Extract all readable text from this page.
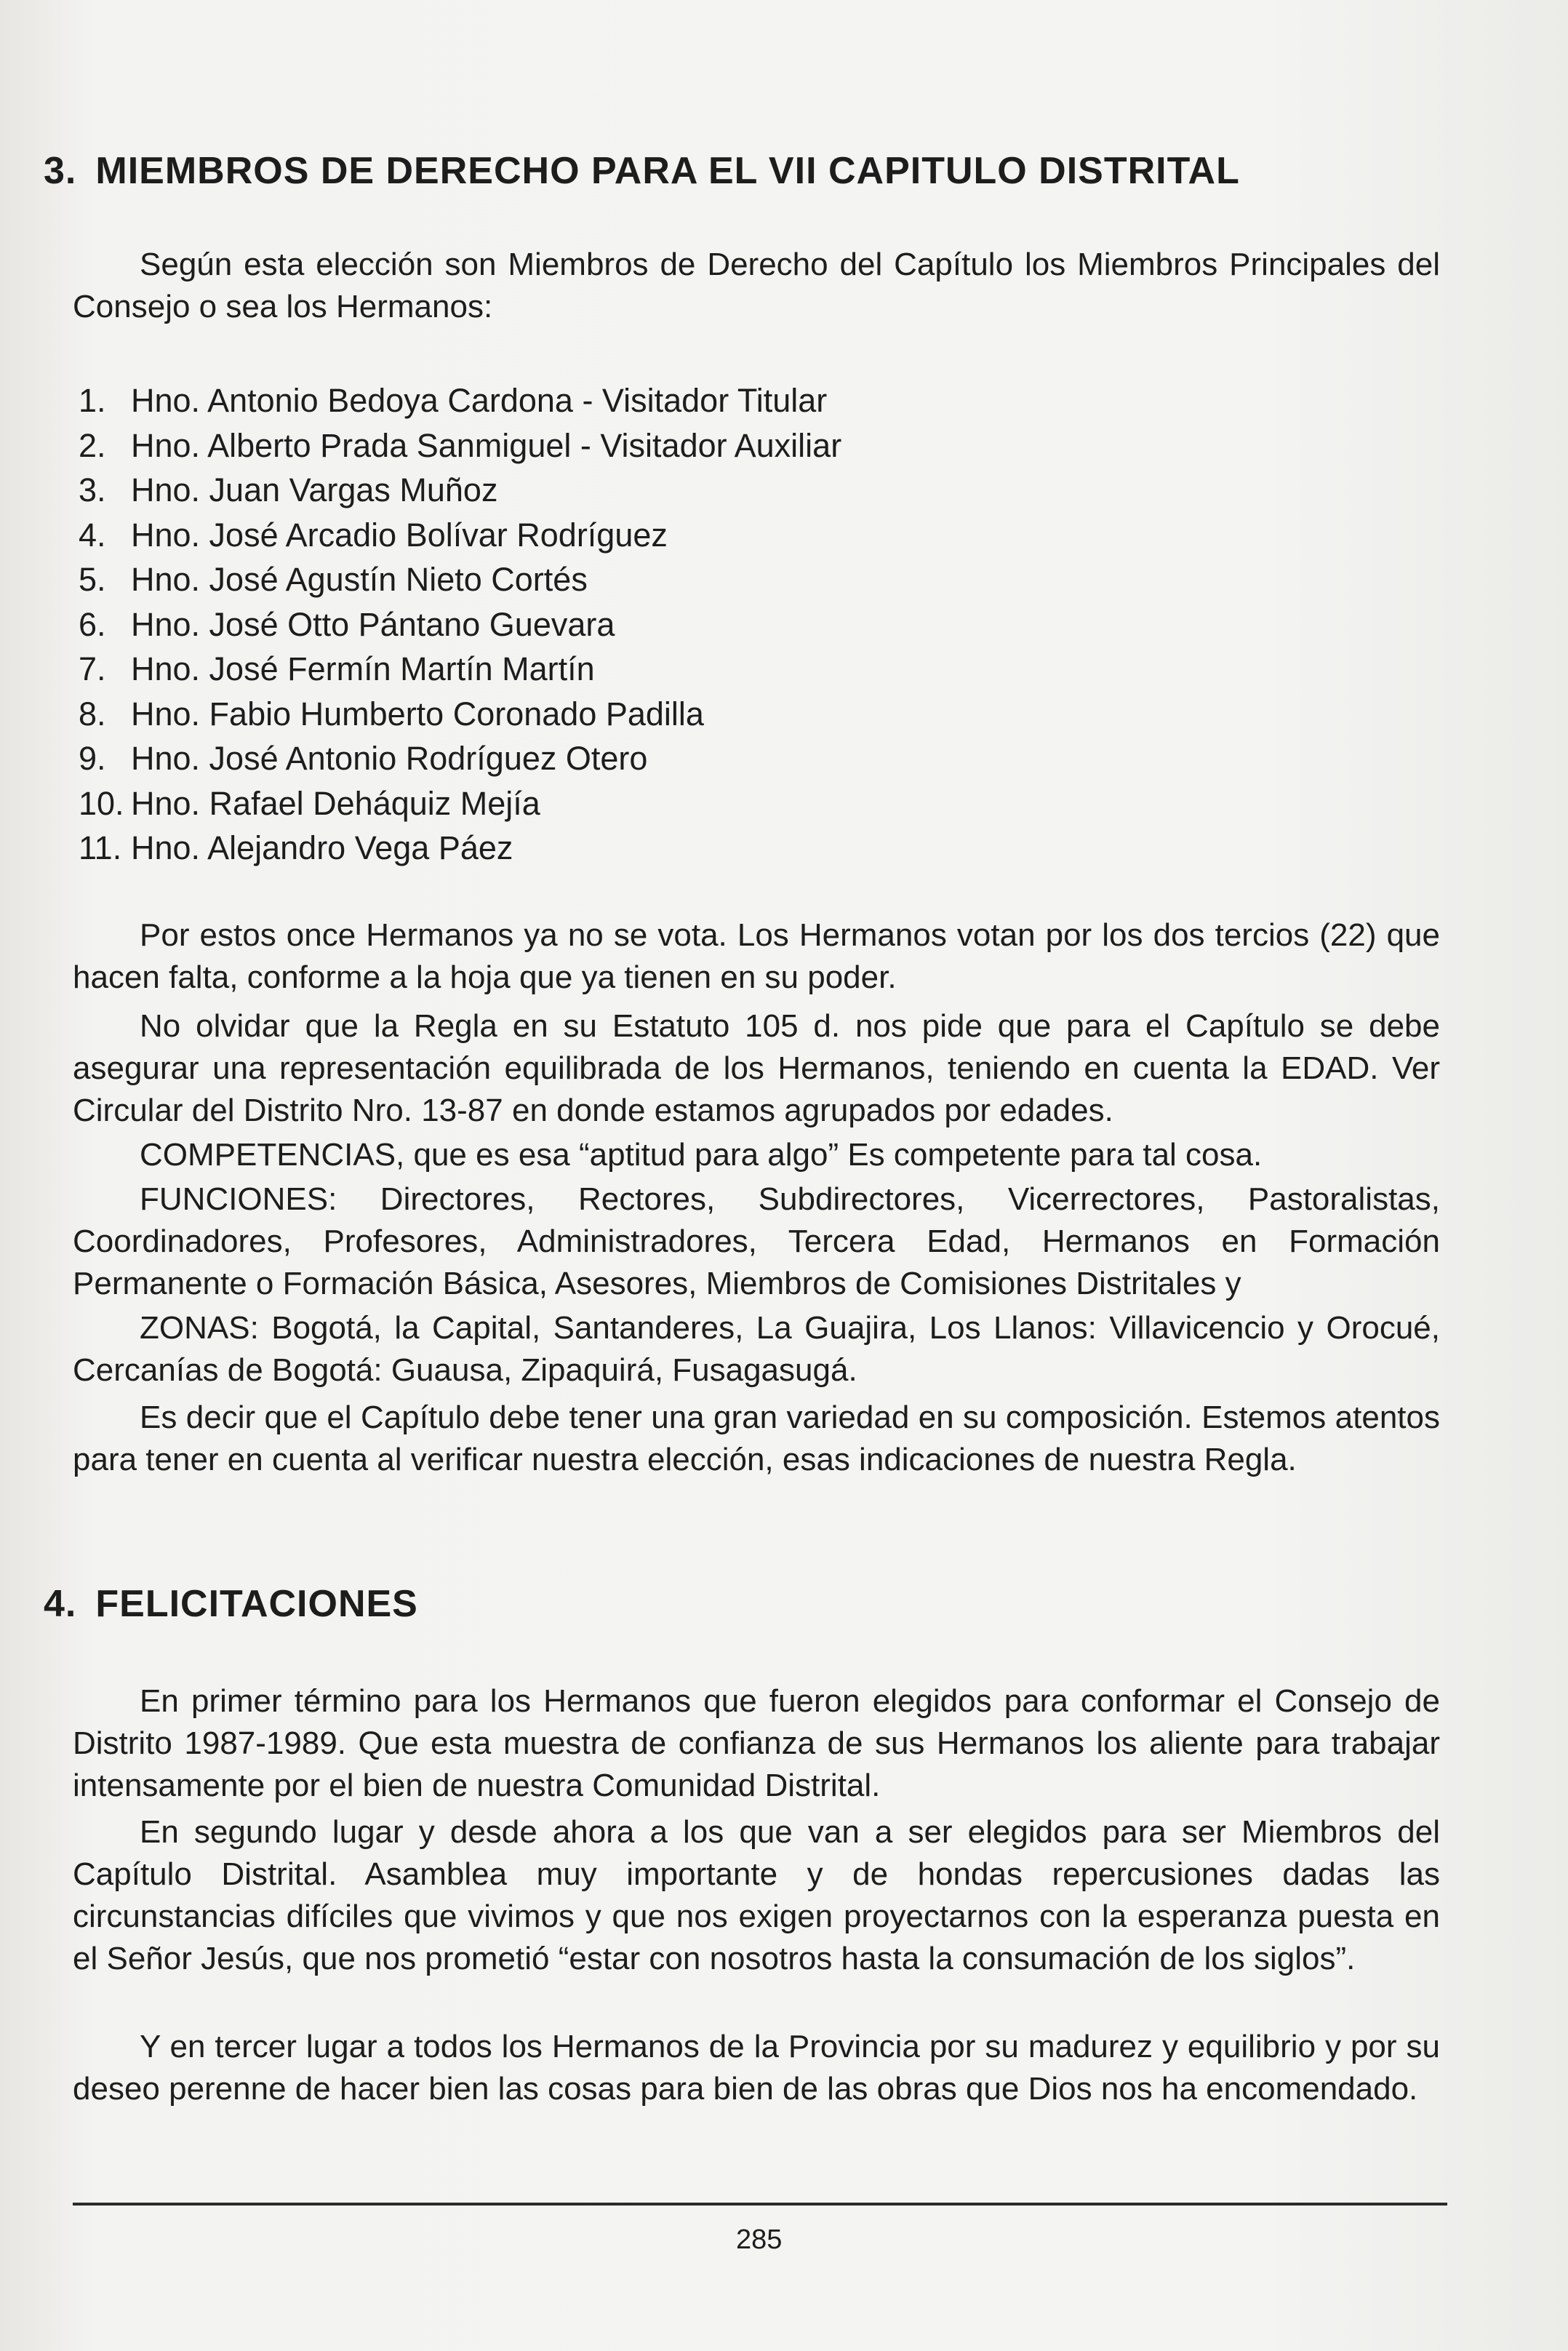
3. MIEMBROS DE DERECHO PARA EL VII CAPITULO DISTRITAL
Según esta elección son Miembros de Derecho del Capítulo los Miembros Principales del Consejo o sea los Hermanos:
1. Hno. Antonio Bedoya Cardona - Visitador Titular
2. Hno. Alberto Prada Sanmiguel - Visitador Auxiliar
3. Hno. Juan Vargas Muñoz
4. Hno. José Arcadio Bolívar Rodríguez
5. Hno. José Agustín Nieto Cortés
6. Hno. José Otto Pántano Guevara
7. Hno. José Fermín Martín Martín
8. Hno. Fabio Humberto Coronado Padilla
9. Hno. José Antonio Rodríguez Otero
10. Hno. Rafael Deháquiz Mejía
11. Hno. Alejandro Vega Páez
Por estos once Hermanos ya no se vota. Los Hermanos votan por los dos tercios (22) que hacen falta, conforme a la hoja que ya tienen en su poder.
No olvidar que la Regla en su Estatuto 105 d. nos pide que para el Capítulo se debe asegurar una representación equilibrada de los Hermanos, teniendo en cuenta la EDAD. Ver Circular del Distrito Nro. 13-87 en donde estamos agrupados por edades.
COMPETENCIAS, que es esa “aptitud para algo” Es competente para tal cosa.
FUNCIONES: Directores, Rectores, Subdirectores, Vicerrectores, Pastoralistas, Coordinadores, Profesores, Administradores, Tercera Edad, Hermanos en Formación Permanente o Formación Básica, Asesores, Miembros de Comisiones Distritales y
ZONAS: Bogotá, la Capital, Santanderes, La Guajira, Los Llanos: Villavicencio y Orocué, Cercanías de Bogotá: Guausa, Zipaquirá, Fusagasugá.
Es decir que el Capítulo debe tener una gran variedad en su composición. Estemos atentos para tener en cuenta al verificar nuestra elección, esas indicaciones de nuestra Regla.
4. FELICITACIONES
En primer término para los Hermanos que fueron elegidos para conformar el Consejo de Distrito 1987-1989. Que esta muestra de confianza de sus Hermanos los aliente para trabajar intensamente por el bien de nuestra Comunidad Distrital.
En segundo lugar y desde ahora a los que van a ser elegidos para ser Miembros del Capítulo Distrital. Asamblea muy importante y de hondas repercusiones dadas las circunstancias difíciles que vivimos y que nos exigen proyectarnos con la esperanza puesta en el Señor Jesús, que nos prometió “estar con nosotros hasta la consumación de los siglos”.
Y en tercer lugar a todos los Hermanos de la Provincia por su madurez y equilibrio y por su deseo perenne de hacer bien las cosas para bien de las obras que Dios nos ha encomendado.
285
